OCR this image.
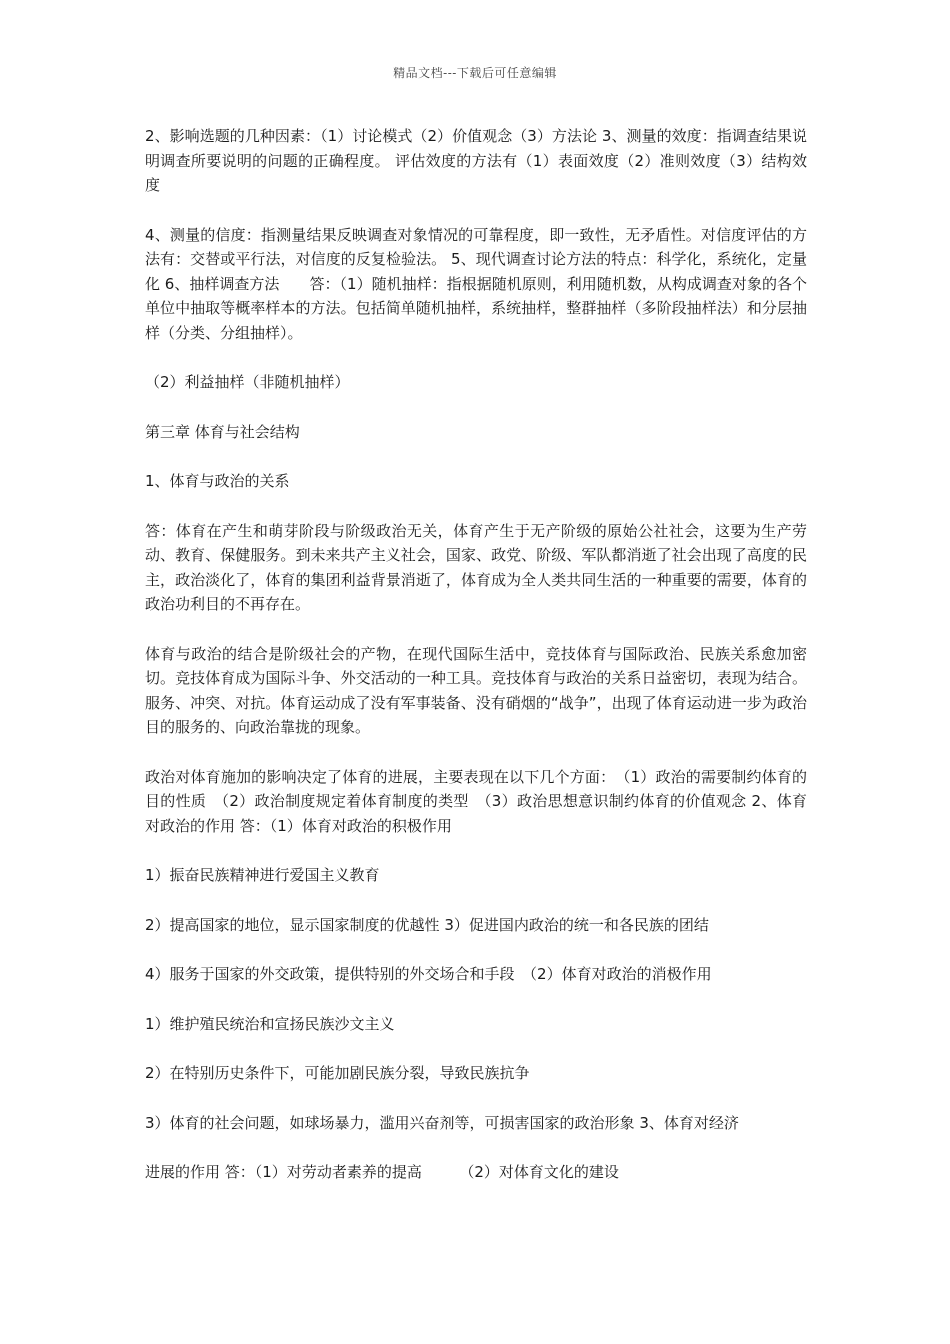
精品文档---下载后可任意编辑

2、影响选题的几种因素：（1）讨论模式（2）价值观念（3）方法论 3、测量的效度：指调查结果说明调查所要说明的问题的正确程度。 评估效度的方法有（1）表面效度（2）准则效度（3）结构效度

4、测量的信度：指测量结果反映调查对象情况的可靠程度，即一致性，无矛盾性。对信度评估的方法有：交替或平行法，对信度的反复检验法。 5、现代调查讨论方法的特点：科学化，系统化，定量化 6、抽样调查方法　　答：（1）随机抽样：指根据随机原则，利用随机数，从构成调查对象的各个单位中抽取等概率样本的方法。包括简单随机抽样，系统抽样，整群抽样（多阶段抽样法）和分层抽样（分类、分组抽样）。

（2）利益抽样（非随机抽样）

第三章 体育与社会结构

1、体育与政治的关系

答：体育在产生和萌芽阶段与阶级政治无关，体育产生于无产阶级的原始公社社会，这要为生产劳动、教育、保健服务。到未来共产主义社会，国家、政党、阶级、军队都消逝了社会出现了高度的民主，政治淡化了，体育的集团利益背景消逝了，体育成为全人类共同生活的一种重要的需要，体育的政治功利目的不再存在。

体育与政治的结合是阶级社会的产物，在现代国际生活中，竞技体育与国际政治、民族关系愈加密切。竞技体育成为国际斗争、外交活动的一种工具。竞技体育与政治的关系日益密切，表现为结合。服务、冲突、对抗。体育运动成了没有军事装备、没有硝烟的“战争”，出现了体育运动进一步为政治目的服务的、向政治靠拢的现象。

政治对体育施加的影响决定了体育的进展，主要表现在以下几个方面：　（1）政治的需要制约体育的目的性质　（2）政治制度规定着体育制度的类型　（3）政治思想意识制约体育的价值观念 2、体育对政治的作用 答：（1）体育对政治的积极作用

1）振奋民族精神进行爱国主义教育

2）提高国家的地位，显示国家制度的优越性 3）促进国内政治的统一和各民族的团结

4）服务于国家的外交政策，提供特别的外交场合和手段　（2）体育对政治的消极作用

1）维护殖民统治和宣扬民族沙文主义

2）在特别历史条件下，可能加剧民族分裂，导致民族抗争

3）体育的社会问题，如球场暴力，滥用兴奋剂等，可损害国家的政治形象 3、体育对经济

进展的作用 答：（1）对劳动者素养的提高　　　（2）对体育文化的建设
